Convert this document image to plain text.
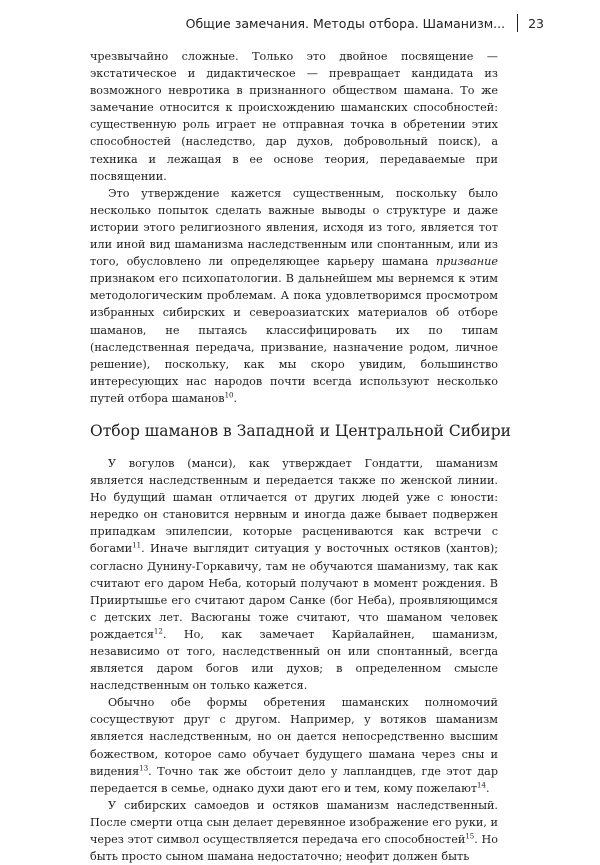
Общие замечания. Методы отбора. Шаманизм... 23

чрезвычайно сложные. Только это двойное посвящение — экстатическое и дидактическое — превращает кандидата из возможного невротика в признанного обществом шамана. То же замечание относится к происхождению шаманских способностей: существенную роль играет не отправная точка в обретении этих способностей (наследство, дар духов, добровольный поиск), а техника и лежащая в ее основе теория, передаваемые при посвящении.

Это утверждение кажется существенным, поскольку было несколько попыток сделать важные выводы о структуре и даже истории этого религиозного явления, исходя из того, является тот или иной вид шаманизма наследственным или спонтанным, или из того, обусловлено ли определяющее карьеру шамана призвание признаком его психопатологии. В дальнейшем мы вернемся к этим методологическим проблемам. А пока удовлетворимся просмотром избранных сибирских и североазиатских материалов об отборе шаманов, не пытаясь классифицировать их по типам (наследственная передача, призвание, назначение родом, личное решение), поскольку, как мы скоро увидим, большинство интересующих нас народов почти всегда используют несколько путей отбора шаманов$^{10}$.

Отбор шаманов в Западной и Центральной Сибири

У вогулов (манси), как утверждает Гондатти, шаманизм является наследственным и передается также по женской линии. Но будущий шаман отличается от других людей уже с юности: нередко он становится нервным и иногда даже бывает подвержен припадкам эпилепсии, которые расцениваются как встречи с богами$^{11}$. Иначе выглядит ситуация у восточных остяков (хантов); согласно Дунину-Горкавичу, там не обучаются шаманизму, так как считают его даром Неба, который получают в момент рождения. В Прииртышье его считают даром Санке (бог Неба), проявляющимся с детских лет. Васюганы тоже считают, что шаманом человек рождается$^{12}$. Но, как замечает Карйалайнен, шаманизм, независимо от того, наследственный он или спонтанный, всегда является даром богов или духов; в определенном смысле наследственным он только кажется.

Обычно обе формы обретения шаманских полномочий сосуществуют друг с другом. Например, у вотяков шаманизм является наследственным, но он дается непосредственно высшим божеством, которое само обучает будущего шамана через сны и видения$^{13}$. Точно так же обстоит дело у лапландцев, где этот дар передается в семье, однако духи дают его и тем, кому пожелают$^{14}$.

У сибирских самоедов и остяков шаманизм наследственный. После смерти отца сын делает деревянное изображение его руки, и через этот символ осуществляется передача его способностей$^{15}$. Но быть просто сыном шамана недостаточно; неофит должен быть
